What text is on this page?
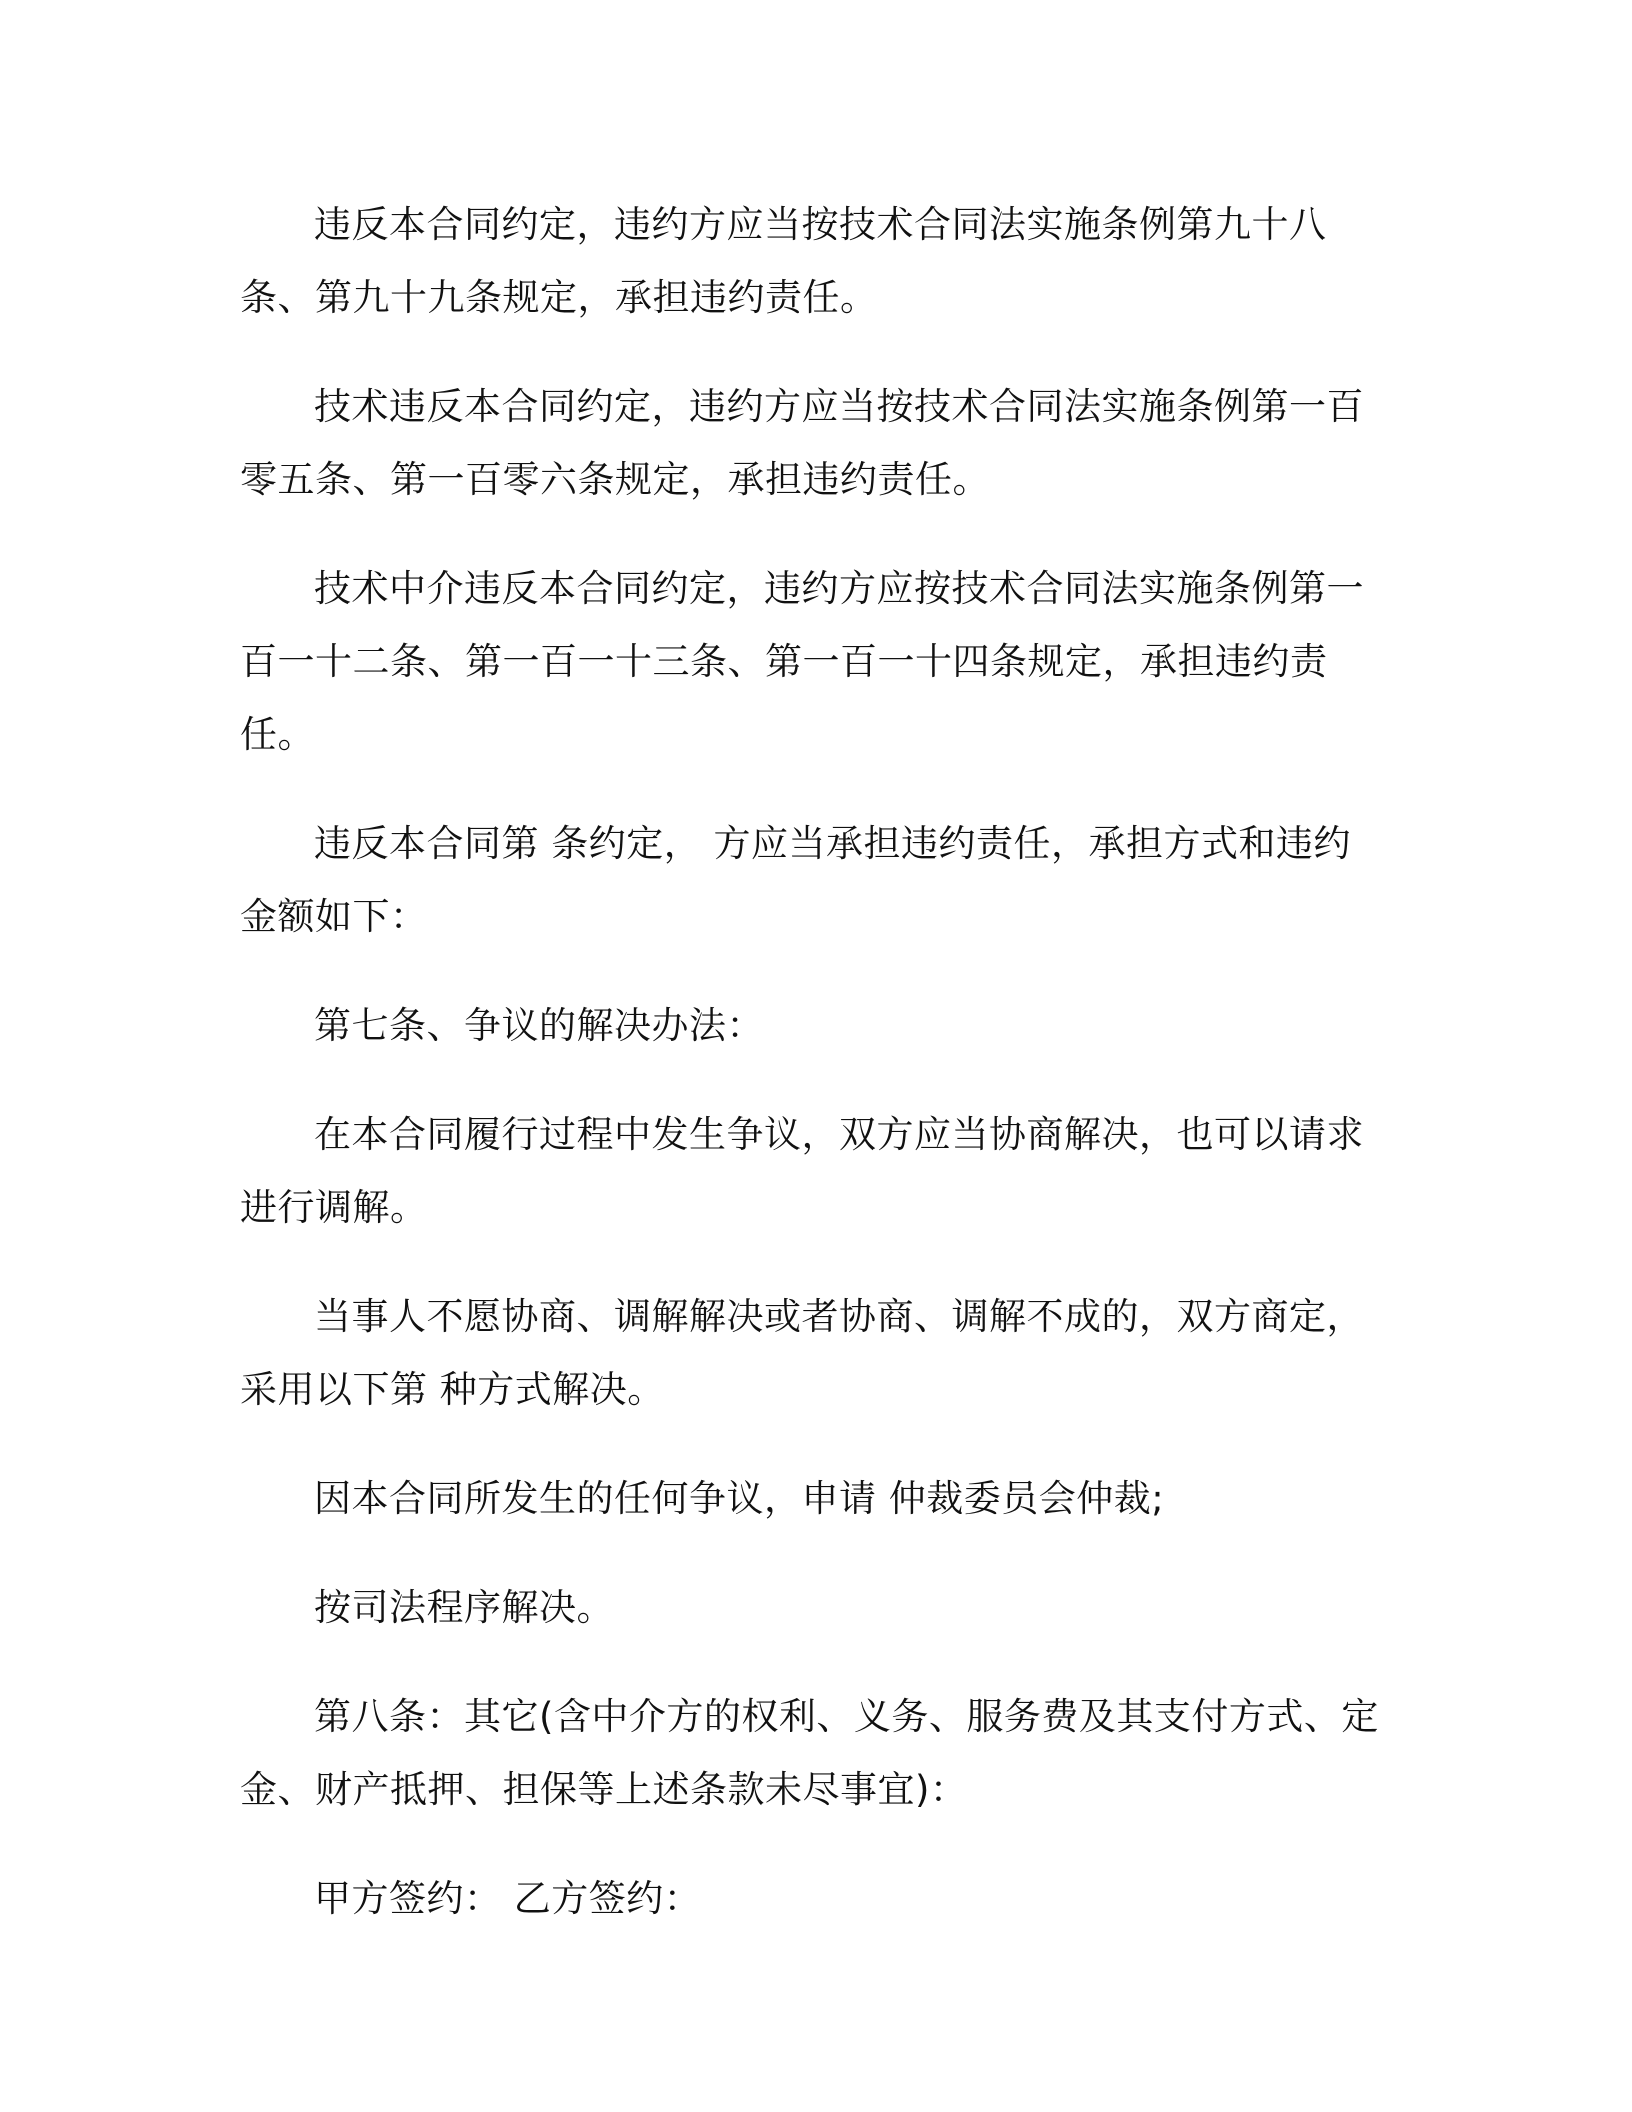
违反本合同约定，违约方应当按技术合同法实施条例第九十八条、第九十九条规定，承担违约责任。

技术违反本合同约定，违约方应当按技术合同法实施条例第一百零五条、第一百零六条规定，承担违约责任。

技术中介违反本合同约定，违约方应按技术合同法实施条例第一百一十二条、第一百一十三条、第一百一十四条规定，承担违约责任。

违反本合同第 条约定， 方应当承担违约责任，承担方式和违约金额如下：

第七条、争议的解决办法：

在本合同履行过程中发生争议，双方应当协商解决，也可以请求进行调解。

当事人不愿协商、调解解决或者协商、调解不成的，双方商定，采用以下第 种方式解决。

因本合同所发生的任何争议，申请 仲裁委员会仲裁;

按司法程序解决。

第八条：其它(含中介方的权利、义务、服务费及其支付方式、定金、财产抵押、担保等上述条款未尽事宜)：

甲方签约： 乙方签约：
